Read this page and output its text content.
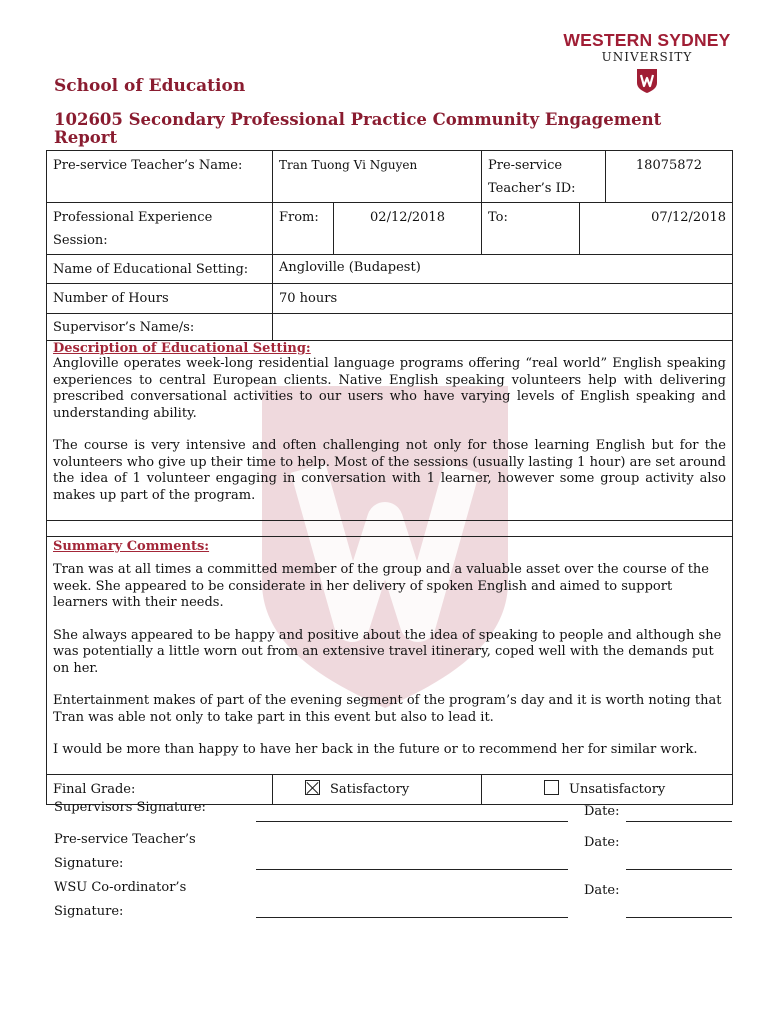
WESTERN SYDNEY
UNIVERSITY
School of Education
102605 Secondary Professional Practice Community Engagement Report
Pre-service Teacher’s Name:	Tran Tuong Vi Nguyen		Pre-service Teacher’s ID:		18075872
Professional Experience Session:	From:	02/12/2018	To:	07/12/2018	
Name of Educational Setting:	Angloville (Budapest)				
Number of Hours	70 hours				
Supervisor’s Name/s:					

Description of Educational Setting:

Angloville operates week-long residential language programs offering “real world” English speaking experiences to central European clients. Native English speaking volunteers help with delivering prescribed conversational activities to our users who have varying levels of English speaking and understanding ability.

The course is very intensive and often challenging not only for those learning English but for the volunteers who give up their time to help. Most of the sessions (usually lasting 1 hour) are set around the idea of 1 volunteer engaging in conversation with 1 learner, however some group activity also makes up part of the program.					

Summary Comments:

Tran was at all times a committed member of the group and a valuable asset over the course of the week. She appeared to be considerate in her delivery of spoken English and aimed to support learners with their needs.

She always appeared to be happy and positive about the idea of speaking to people and although she was potentially a little worn out from an extensive travel itinerary, coped well with the demands put on her.

Entertainment makes of part of the evening segment of the program’s day and it is worth noting that Tran was able not only to take part in this event but also to lead it.

I would be more than happy to have her back in the future or to recommend her for similar work.					

Final Grade:	Satisfactory		Unsatisfactory		
Supervisors Signature:	Date:
Pre-service Teacher’s
Signature:
Date:
WSU Co-ordinator’s
Signature:
Date:
